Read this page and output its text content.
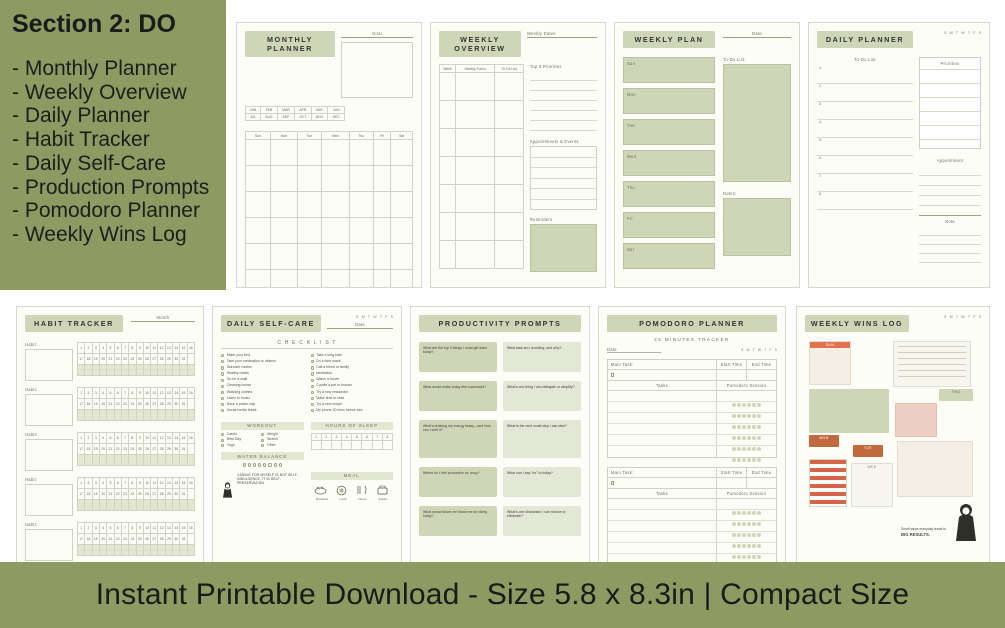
Section 2: DO
- Monthly Planner
- Weekly Overview
- Daily Planner
- Habit Tracker
- Daily Self-Care
- Production Prompts
- Pomodoro Planner
- Weekly Wins Log
MONTHLY PLANNER
Goal
JAN	FEB	MAR	APR	MAY	JUN
JUL	AUG	SEP	OCT	NOV	DEC
Sun	Mon	Tue	Wed	Thu	Fri	Sat

WEEKLY OVERVIEW
Weekly Dates
Week	Weekly Focus	To Do List

			Top 3 Priorities
Appointments & Events
Reminders
WEEKLY PLAN
Date
Sun
Mon
Tue
Wed
Thu
Fri
Sat
To-Do List:
Notes:
DAILY PLANNER
S M T W T F S
To-Do List
1.
2.
3.
4.
5.
6.
7.
8.
Priorities
Appointment
Note
HABIT TRACKER
Month
Habit:
1	2	3	4	5	6	7	8	9	10	11	12	13	14	15	16
17	18	19	20	21	22	23	24	25	26	27	28	29	30	31	

Habit:
1	2	3	4	5	6	7	8	9	10	11	12	13	14	15	16
17	18	19	20	21	22	23	24	25	26	27	28	29	30	31	

Habit:
1	2	3	4	5	6	7	8	9	10	11	12	13	14	15	16
17	18	19	20	21	22	23	24	25	26	27	28	29	30	31	

Habit:
1	2	3	4	5	6	7	8	9	10	11	12	13	14	15	16
17	18	19	20	21	22	23	24	25	26	27	28	29	30	31	

Habit:
1	2	3	4	5	6	7	8	9	10	11	12	13	14	15	16
17	18	19	20	21	22	23	24	25	26	27	28	29	30	31	

DAILY SELF-CARE
S M T W T F S
Date
C H E C K L I S T
Make your bed
Take your medication or vitamin
Skincare routine
Healthy meals
Go for a walk
Cleaning house
Washing clothes
Listen to music
Have a power nap
Social media break
Take a long bath
Do a face mask
Call a friend or family
Meditation
Watch a movie
Cuddle a pet or human
Try a new restaurant
Make time to read
Try a new recipe
My phone 30 mins before bed
WORKOUT
Cardio	Weight
Rest Day	Stretch
Yoga	Other
WATER BALANCE
CARING FOR MYSELF IS NOT SELF-INDULGENCE, IT IS SELF-PRESERVATION
HOURS OF SLEEP
1	2	3	4	5	6	7	8

MEAL
Breakfast	Lunch	Dinner	Snacks
PRODUCTIVITY PROMPTS
What are the top 3 things I must get done today?
What would make today feel successful?
What's draining my energy today—and how can I shift it?
Where do I feel productive vs. busy?
What would future me thank me for doing today?
What task am I avoiding, and why?
What's one thing I can delegate or simplify?
What is the next small step I can take?
What can I say "no" to today?
What's one distraction I can reduce or eliminate?
POMODORO PLANNER
25 MINUTES TRACKER
Date	S M T W T F S
Main Task:	Start Time	End Time
Tasks	Pomodoro Session
Main Task:	Start Time	End Time
Tasks	Pomodoro Session
WEEKLY WINS LOG
S M T W T F S
SUN
THU
MON
TUE
WED
Small steps everyday leads to
BIG RESULTS.
Instant Printable Download - Size 5.8 x 8.3in | Compact Size
